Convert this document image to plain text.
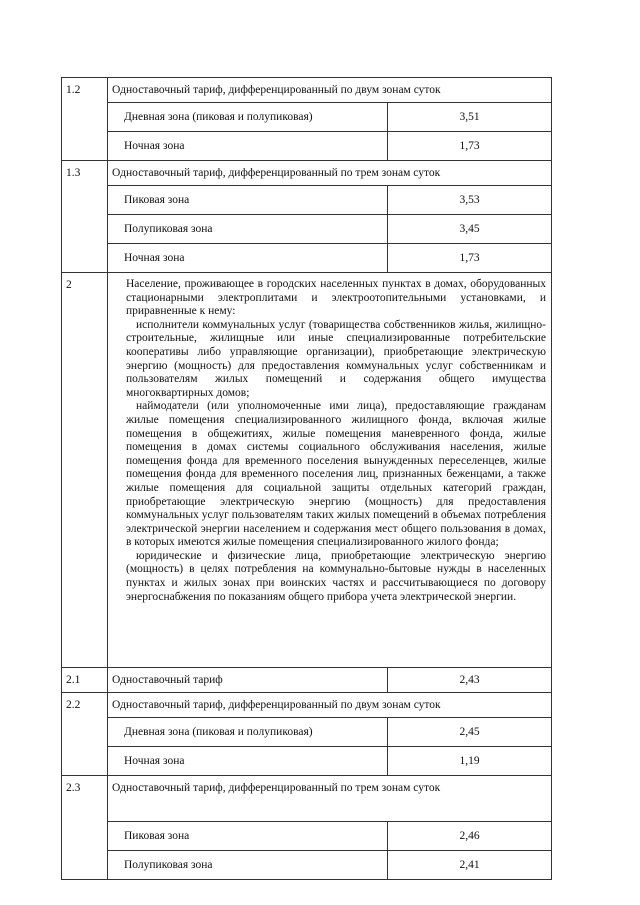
1.2	Одноставочный тариф, дифференцированный по двум зонам суток	
	Дневная зона (пиковая и полупиковая)	3,51
	Ночная зона	1,73
1.3	Одноставочный тариф, дифференцированный по трем зонам суток	
	Пиковая зона	3,53
	Полупиковая зона	3,45
	Ночная зона	1,73
2	Население, проживающее в городских населенных пунктах в домах, оборудованных стационарными электроплитами и электроотопительными установками, и приравненные к нему:

исполнители коммунальных услуг (товарищества собственников жилья, жилищно-строительные, жилищные или иные специализированные потребительские кооперативы либо управляющие организации), приобретающие электрическую энергию (мощность) для предоставления коммунальных услуг собственникам и пользователям жилых помещений и содержания общего имущества многоквартирных домов;

наймодатели (или уполномоченные ими лица), предоставляющие гражданам жилые помещения специализированного жилищного фонда, включая жилые помещения в общежитиях, жилые помещения маневренного фонда, жилые помещения в домах системы социального обслуживания населения, жилые помещения фонда для временного поселения вынужденных переселенцев, жилые помещения фонда для временного поселения лиц, признанных беженцами, а также жилые помещения для социальной защиты отдельных категорий граждан, приобретающие электрическую энергию (мощность) для предоставления коммунальных услуг пользователям таких жилых помещений в объемах потребления электрической энергии населением и содержания мест общего пользования в домах, в которых имеются жилые помещения специализированного жилого фонда;

юридические и физические лица, приобретающие электрическую энергию (мощность) в целях потребления на коммунально-бытовые нужды в населенных пунктах и жилых зонах при воинских частях и рассчитывающиеся по договору энергоснабжения по показаниям общего прибора учета электрической энергии.	

2.1	Одноставочный тариф	2,43
2.2	Одноставочный тариф, дифференцированный по двум зонам суток	
	Дневная зона (пиковая и полупиковая)	2,45
	Ночная зона	1,19
2.3	Одноставочный тариф, дифференцированный по трем зонам суток	
	Пиковая зона	2,46
	Полупиковая зона	2,41
